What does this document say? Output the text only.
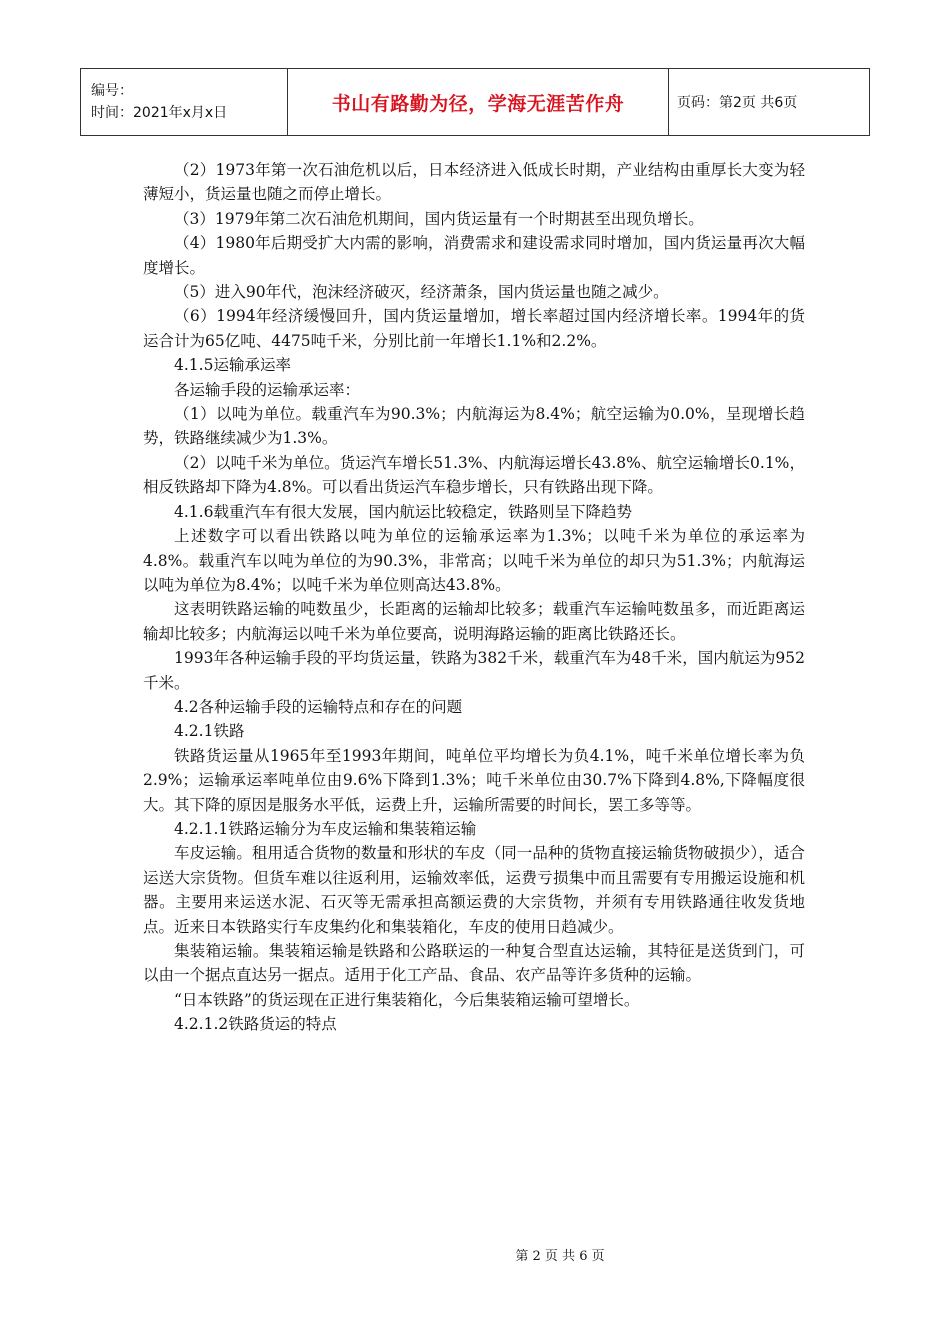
编号：
时间：2021年x月x日	书山有路勤为径，学海无涯苦作舟	页码：第2页 共6页

（2）1973年第一次石油危机以后，日本经济进入低成长时期，产业结构由重厚长大变为轻薄短小，货运量也随之而停止增长。

（3）1979年第二次石油危机期间，国内货运量有一个时期甚至出现负增长。

（4）1980年后期受扩大内需的影响，消费需求和建设需求同时增加，国内货运量再次大幅度增长。

（5）进入90年代，泡沫经济破灭，经济萧条，国内货运量也随之减少。

（6）1994年经济缓慢回升，国内货运量增加，增长率超过国内经济增长率。1994年的货运合计为65亿吨、4475吨千米，分别比前一年增长1.1%和2.2%。

4.1.5运输承运率

各运输手段的运输承运率：

（1）以吨为单位。载重汽车为90.3%；内航海运为8.4%；航空运输为0.0%，呈现增长趋势，铁路继续减少为1.3%。

（2）以吨千米为单位。货运汽车增长51.3%、内航海运增长43.8%、航空运输增长0.1%，相反铁路却下降为4.8%。可以看出货运汽车稳步增长，只有铁路出现下降。

4.1.6载重汽车有很大发展，国内航运比较稳定，铁路则呈下降趋势

上述数字可以看出铁路以吨为单位的运输承运率为1.3%；以吨千米为单位的承运率为4.8%。载重汽车以吨为单位的为90.3%，非常高；以吨千米为单位的却只为51.3%；内航海运以吨为单位为8.4%；以吨千米为单位则高达43.8%。

这表明铁路运输的吨数虽少，长距离的运输却比较多；载重汽车运输吨数虽多，而近距离运输却比较多；内航海运以吨千米为单位要高，说明海路运输的距离比铁路还长。

1993年各种运输手段的平均货运量，铁路为382千米，载重汽车为48千米，国内航运为952千米。

4.2各种运输手段的运输特点和存在的问题

4.2.1铁路

铁路货运量从1965年至1993年期间，吨单位平均增长为负4.1%，吨千米单位增长率为负2.9%；运输承运率吨单位由9.6%下降到1.3%；吨千米单位由30.7%下降到4.8%,下降幅度很大。其下降的原因是服务水平低，运费上升，运输所需要的时间长，罢工多等等。

4.2.1.1铁路运输分为车皮运输和集装箱运输

车皮运输。租用适合货物的数量和形状的车皮（同一品种的货物直接运输货物破损少），适合运送大宗货物。但货车难以往返利用，运输效率低，运费亏损集中而且需要有专用搬运设施和机器。主要用来运送水泥、石灭等无需承担高额运费的大宗货物，并须有专用铁路通往收发货地点。近来日本铁路实行车皮集约化和集装箱化，车皮的使用日趋减少。

集装箱运输。集装箱运输是铁路和公路联运的一种复合型直达运输，其特征是送货到门，可以由一个据点直达另一据点。适用于化工产品、食品、农产品等许多货种的运输。

“日本铁路”的货运现在正进行集装箱化，今后集装箱运输可望增长。

4.2.1.2铁路货运的特点

第 2 页 共 6 页
